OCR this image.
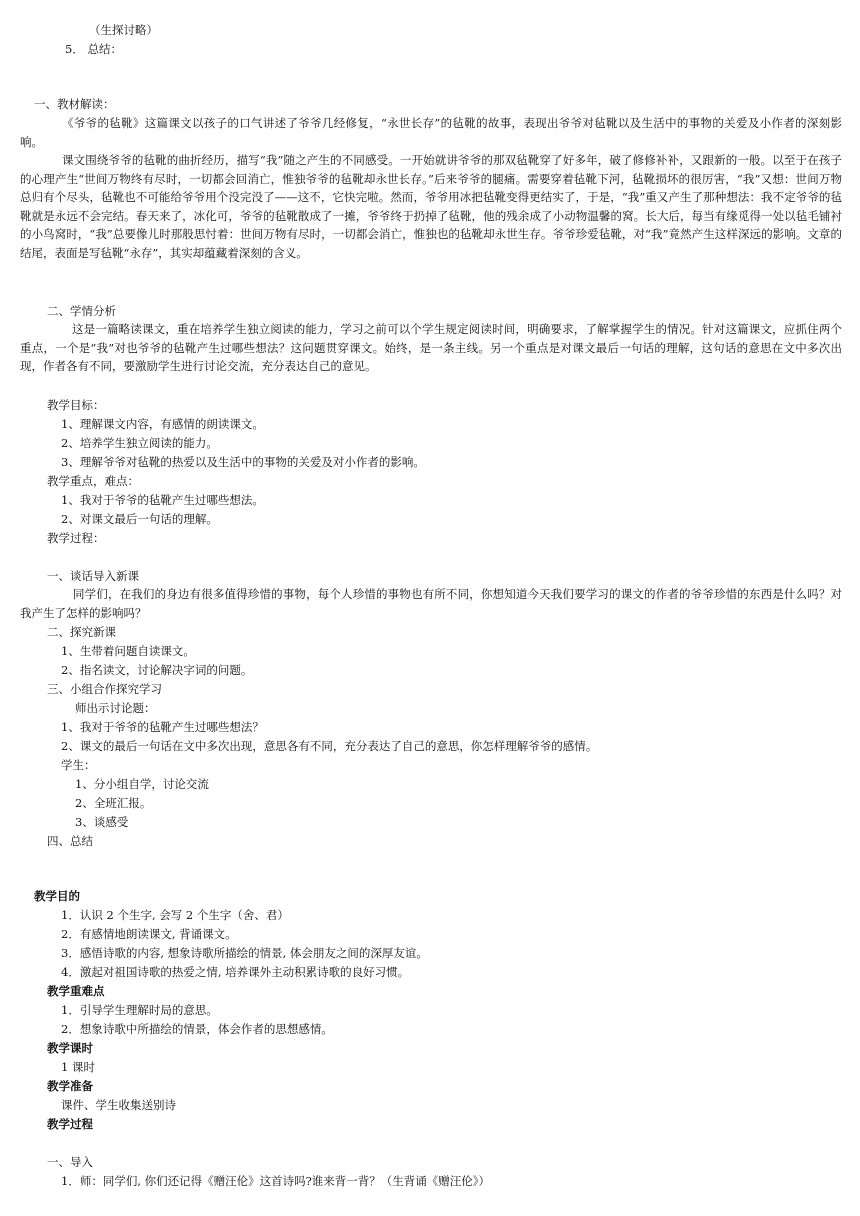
（生探讨略）
5． 总结：
一、教材解读：
《爷爷的毡靴》这篇课文以孩子的口气讲述了爷爷几经修复，“永世长存”的毡靴的故事，表现出爷爷对毡靴以及生活中的事物的关爱及小作者的深刻影响。
课文围绕爷爷的毡靴的曲折经历，描写“我”随之产生的不同感受。一开始就讲爷爷的那双毡靴穿了好多年，破了修修补补，又跟新的一般。以至于在孩子的心理产生“世间万物终有尽时，一切都会回消亡，惟独爷爷的毡靴却永世长存。”后来爷爷的腿痛。需要穿着毡靴下河，毡靴损坏的很厉害，“我”又想：世间万物总归有个尽头，毡靴也不可能给爷爷用个没完没了——这不，它快完啦。然而，爷爷用冰把毡靴变得更结实了，于是，“我”重又产生了那种想法：我不定爷爷的毡靴就是永远不会完结。春天来了，冰化可，爷爷的毡靴散成了一摊，爷爷终于扔掉了毡靴，他的残余成了小动物温馨的窝。长大后，每当有缘觅得一处以毡毛铺衬的小鸟窝时，“我”总要像儿时那般思忖着：世间万物有尽时，一切都会消亡，惟独也的毡靴却永世生存。爷爷珍爱毡靴，对“我”竟然产生这样深远的影响。文章的结尾，表面是写毡靴“永存”，其实却蕴藏着深刻的含义。
二、学情分析
这是一篇略读课文，重在培养学生独立阅读的能力，学习之前可以个学生规定阅读时间，明确要求，了解掌握学生的情况。针对这篇课文，应抓住两个重点，一个是“我”对也爷爷的毡靴产生过哪些想法？这问题贯穿课文。始终，是一条主线。另一个重点是对课文最后一句话的理解，这句话的意思在文中多次出现，作者各有不同，要激励学生进行讨论交流，充分表达自己的意见。
教学目标：
1、理解课文内容，有感情的朗读课文。
2、培养学生独立阅读的能力。
3、理解爷爷对毡靴的热爱以及生活中的事物的关爱及对小作者的影响。
教学重点，难点：
1、我对于爷爷的毡靴产生过哪些想法。
2、对课文最后一句话的理解。
教学过程：
一、谈话导入新课
同学们，在我们的身边有很多值得珍惜的事物，每个人珍惜的事物也有所不同，你想知道今天我们要学习的课文的作者的爷爷珍惜的东西是什么吗？对我产生了怎样的影响吗？
二、探究新课
1、生带着问题自读课文。
2、指名读文，讨论解决字词的问题。
三、小组合作探究学习
师出示讨论题：
1、我对于爷爷的毡靴产生过哪些想法？
2、课文的最后一句话在文中多次出现，意思各有不同，充分表达了自己的意思，你怎样理解爷爷的感情。
学生：
1、分小组自学，讨论交流
2、全班汇报。
3、谈感受
四、总结
教学目的
1．认识 2 个生字, 会写 2 个生字（舍、君）
2．有感情地朗读课文, 背诵课文。
3．感悟诗歌的内容, 想象诗歌所描绘的情景, 体会朋友之间的深厚友谊。
4．激起对祖国诗歌的热爱之情, 培养课外主动积累诗歌的良好习惯。
教学重难点
1．引导学生理解时局的意思。
2．想象诗歌中所描绘的情景，体会作者的思想感情。
教学课时
1 课时
教学准备
课件、学生收集送别诗
教学过程
一、导入
1．师：同学们, 你们还记得《赠汪伦》这首诗吗?谁来背一背？（生背诵《赠汪伦》）
